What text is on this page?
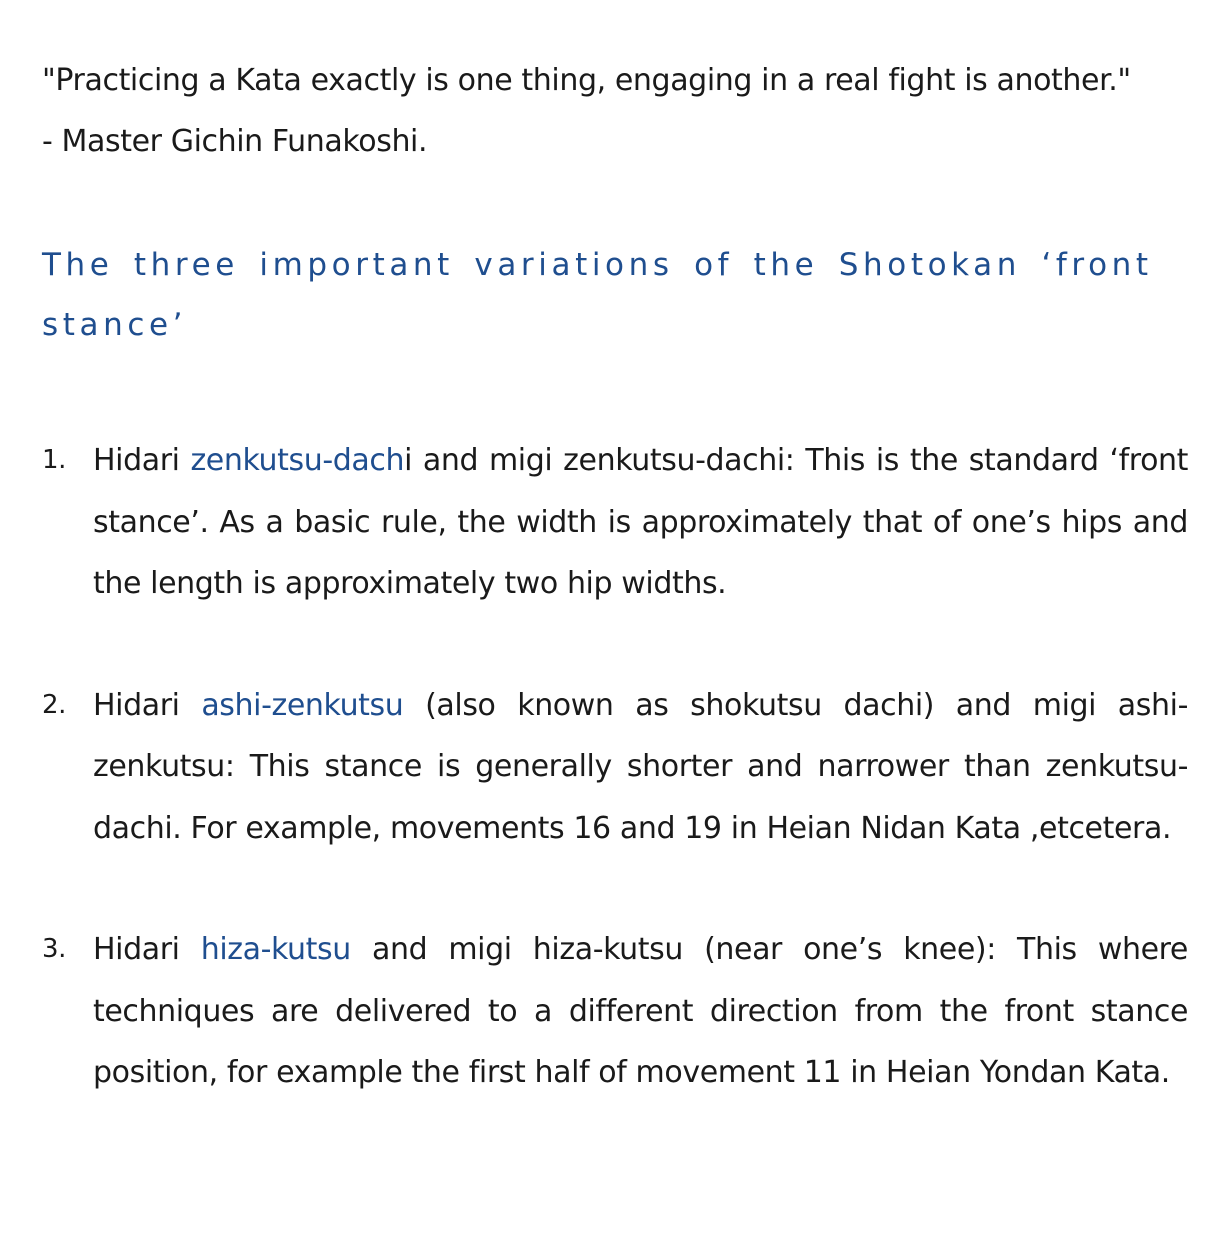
"Practicing a Kata exactly is one thing, engaging in a real fight is another."
- Master Gichin Funakoshi.

The three important variations of the Shotokan ‘front stance’
1. Hidari zenkutsu-dachi and migi zenkutsu-dachi: This is the standard ‘front stance’. As a basic rule, the width is approximately that of one’s hips and the length is approximately two hip widths.
2. Hidari ashi-zenkutsu (also known as shokutsu dachi) and migi ashi-zenkutsu: This stance is generally shorter and narrower than zenkutsu-dachi. For example, movements 16 and 19 in Heian Nidan Kata ,etcetera.
3. Hidari hiza-kutsu and migi hiza-kutsu (near one’s knee): This where techniques are delivered to a different direction from the front stance position, for example the first half of movement 11 in Heian Yondan Kata.
